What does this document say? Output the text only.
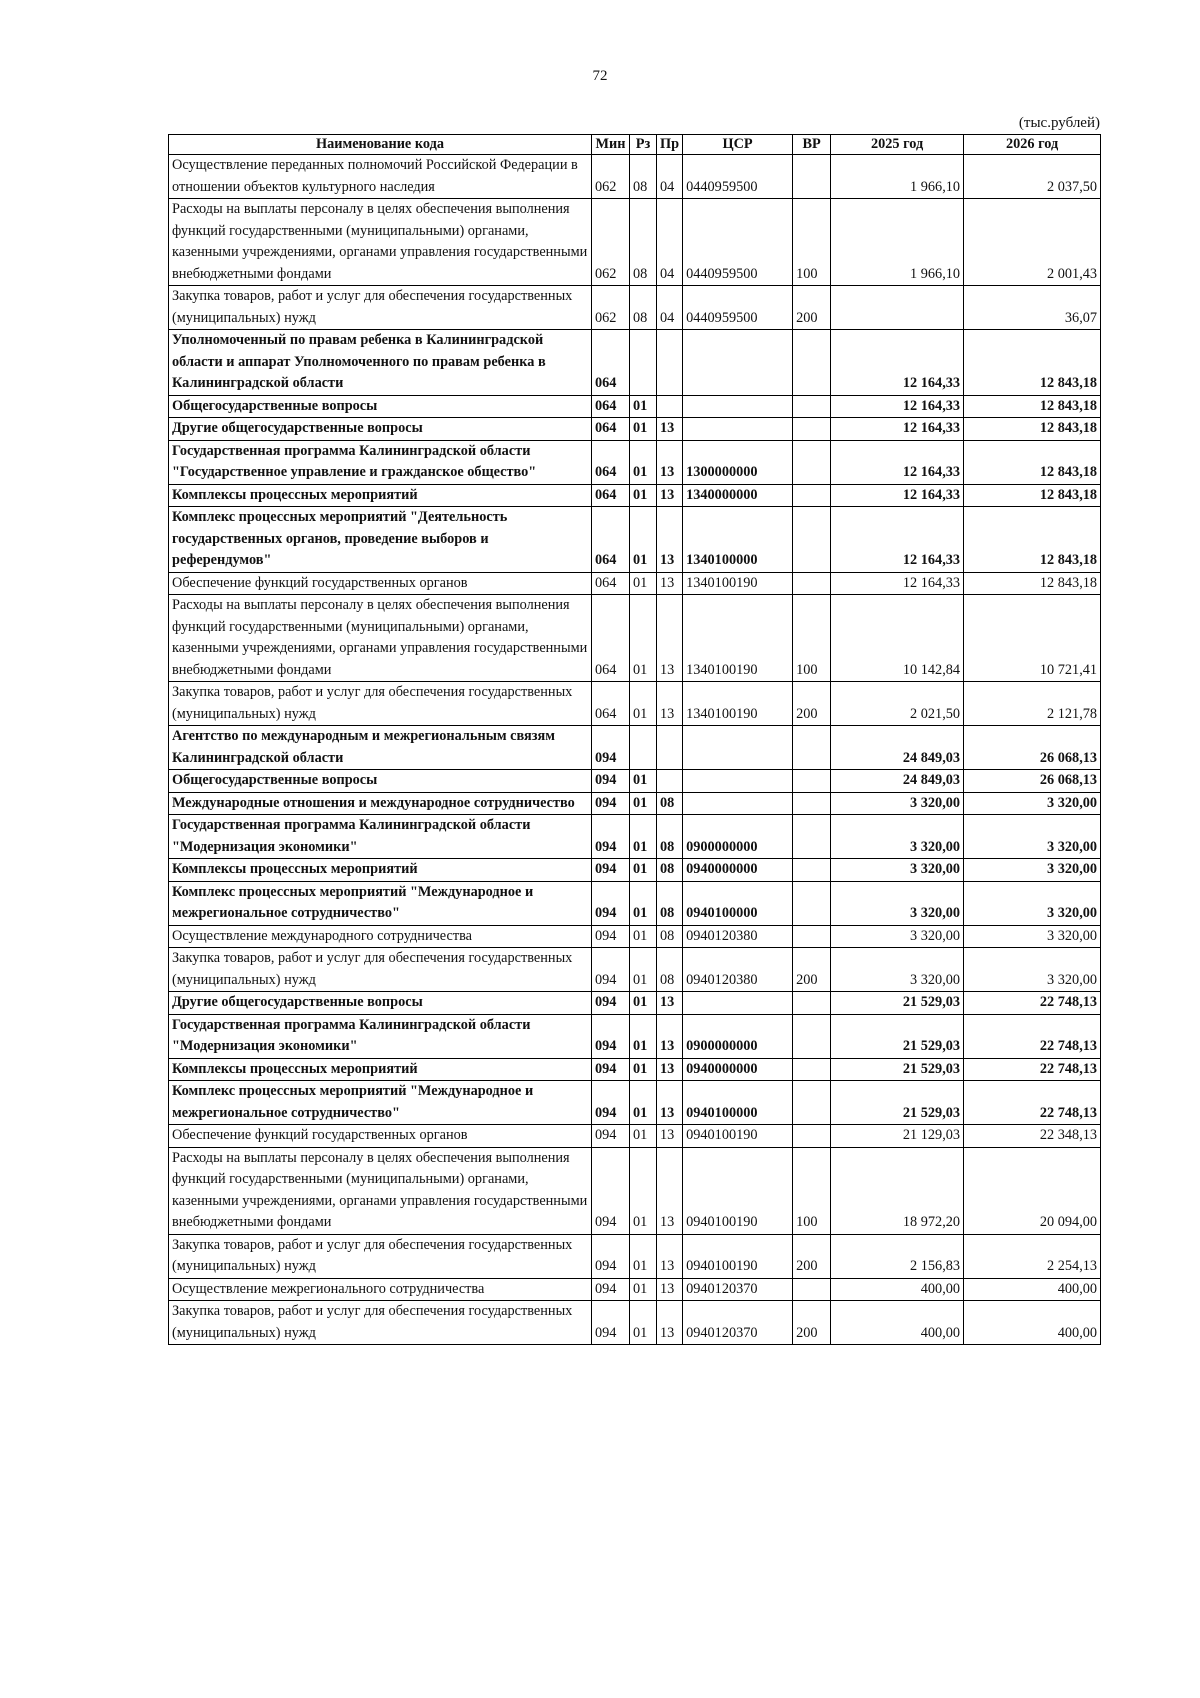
72
(тыс.рублей)
Наименование кода	Мин	Рз	Пр	ЦСР	ВР	2025 год	2026 год
Осуществление переданных полномочий Российской Федерации в отношении объектов культурного наследия	062	08	04	0440959500		1 966,10	2 037,50
Расходы на выплаты персоналу в целях обеспечения выполнения функций государственными (муниципальными) органами, казенными учреждениями, органами управления государственными внебюджетными фондами	062	08	04	0440959500	100	1 966,10	2 001,43
Закупка товаров, работ и услуг для обеспечения государственных (муниципальных) нужд	062	08	04	0440959500	200		36,07
Уполномоченный по правам ребенка в Калининградской области и аппарат Уполномоченного по правам ребенка в Калининградской области	064					12 164,33	12 843,18
Общегосударственные вопросы	064	01				12 164,33	12 843,18
Другие общегосударственные вопросы	064	01	13			12 164,33	12 843,18
Государственная программа Калининградской области "Государственное управление и гражданское общество"	064	01	13	1300000000		12 164,33	12 843,18
Комплексы процессных мероприятий	064	01	13	1340000000		12 164,33	12 843,18
Комплекс процессных мероприятий "Деятельность государственных органов, проведение выборов и референдумов"	064	01	13	1340100000		12 164,33	12 843,18
Обеспечение функций государственных органов	064	01	13	1340100190		12 164,33	12 843,18
Расходы на выплаты персоналу в целях обеспечения выполнения функций государственными (муниципальными) органами, казенными учреждениями, органами управления государственными внебюджетными фондами	064	01	13	1340100190	100	10 142,84	10 721,41
Закупка товаров, работ и услуг для обеспечения государственных (муниципальных) нужд	064	01	13	1340100190	200	2 021,50	2 121,78
Агентство по международным и межрегиональным связям Калининградской области	094					24 849,03	26 068,13
Общегосударственные вопросы	094	01				24 849,03	26 068,13
Международные отношения и международное сотрудничество	094	01	08			3 320,00	3 320,00
Государственная программа Калининградской области "Модернизация экономики"	094	01	08	0900000000		3 320,00	3 320,00
Комплексы процессных мероприятий	094	01	08	0940000000		3 320,00	3 320,00
Комплекс процессных мероприятий "Международное и межрегиональное сотрудничество"	094	01	08	0940100000		3 320,00	3 320,00
Осуществление международного сотрудничества	094	01	08	0940120380		3 320,00	3 320,00
Закупка товаров, работ и услуг для обеспечения государственных (муниципальных) нужд	094	01	08	0940120380	200	3 320,00	3 320,00
Другие общегосударственные вопросы	094	01	13			21 529,03	22 748,13
Государственная программа Калининградской области "Модернизация экономики"	094	01	13	0900000000		21 529,03	22 748,13
Комплексы процессных мероприятий	094	01	13	0940000000		21 529,03	22 748,13
Комплекс процессных мероприятий "Международное и межрегиональное сотрудничество"	094	01	13	0940100000		21 529,03	22 748,13
Обеспечение функций государственных органов	094	01	13	0940100190		21 129,03	22 348,13
Расходы на выплаты персоналу в целях обеспечения выполнения функций государственными (муниципальными) органами, казенными учреждениями, органами управления государственными внебюджетными фондами	094	01	13	0940100190	100	18 972,20	20 094,00
Закупка товаров, работ и услуг для обеспечения государственных (муниципальных) нужд	094	01	13	0940100190	200	2 156,83	2 254,13
Осуществление межрегионального сотрудничества	094	01	13	0940120370		400,00	400,00
Закупка товаров, работ и услуг для обеспечения государственных (муниципальных) нужд	094	01	13	0940120370	200	400,00	400,00
